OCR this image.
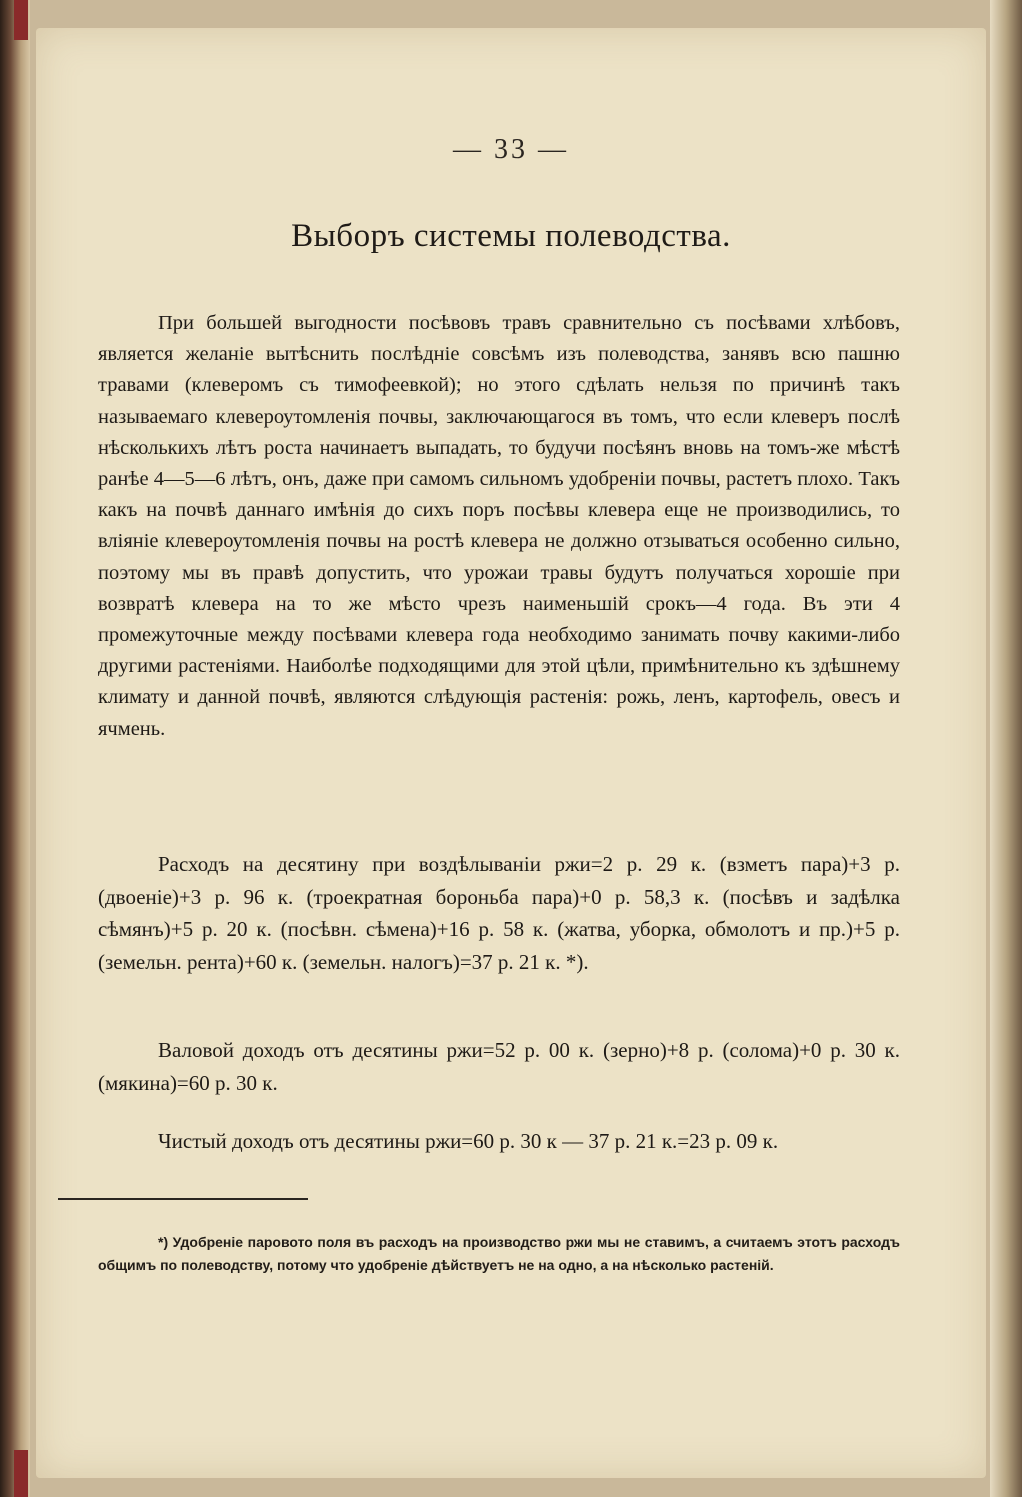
— 33 —
Выборъ системы полеводства.
При большей выгодности посѣвовъ травъ сравнительно съ посѣвами хлѣбовъ, является желаніе вытѣснить послѣдніе совсѣмъ изъ полеводства, занявъ всю пашню травами (клеверомъ съ тимофеевкой); но этого сдѣлать нельзя по причинѣ такъ называемаго клевероутомленія почвы, заключающагося въ томъ, что если клеверъ послѣ нѣсколькихъ лѣтъ роста начинаетъ выпадать, то будучи посѣянъ вновь на томъ-же мѣстѣ ранѣе 4—5—6 лѣтъ, онъ, даже при самомъ сильномъ удобреніи почвы, растетъ плохо. Такъ какъ на почвѣ даннаго имѣнія до сихъ поръ посѣвы клевера еще не производились, то вліяніе клевероутомленія почвы на ростѣ клевера не должно отзываться особенно сильно, поэтому мы въ правѣ допустить, что урожаи травы будутъ получаться хорошіе при возвратѣ клевера на то же мѣсто чрезъ наименьшій срокъ—4 года. Въ эти 4 промежуточные между посѣвами клевера года необходимо занимать почву какими-либо другими растеніями. Наиболѣе подходящими для этой цѣли, примѣнительно къ здѣшнему климату и данной почвѣ, являются слѣдующія растенія: рожь, ленъ, картофель, овесъ и ячмень.
Расходъ на десятину при воздѣлываніи ржи=2 р. 29 к. (взметъ пара)+3 р. (двоеніе)+3 р. 96 к. (троекратная бороньба пара)+0 р. 58,3 к. (посѣвъ и задѣлка сѣмянъ)+5 р. 20 к. (посѣвн. сѣмена)+16 р. 58 к. (жатва, уборка, обмолотъ и пр.)+5 р. (земельн. рента)+60 к. (земельн. налогъ)=37 р. 21 к. *).
Валовой доходъ отъ десятины ржи=52 р. 00 к. (зерно)+8 р. (солома)+0 р. 30 к. (мякина)=60 р. 30 к.
Чистый доходъ отъ десятины ржи=60 р. 30 к — 37 р. 21 к.=23 р. 09 к.
*) Удобреніе паровото поля въ расходъ на производство ржи мы не ставимъ, а считаемъ этотъ расходъ общимъ по полеводству, потому что удобреніе дѣйствуетъ не на одно, а на нѣсколько растеній.
